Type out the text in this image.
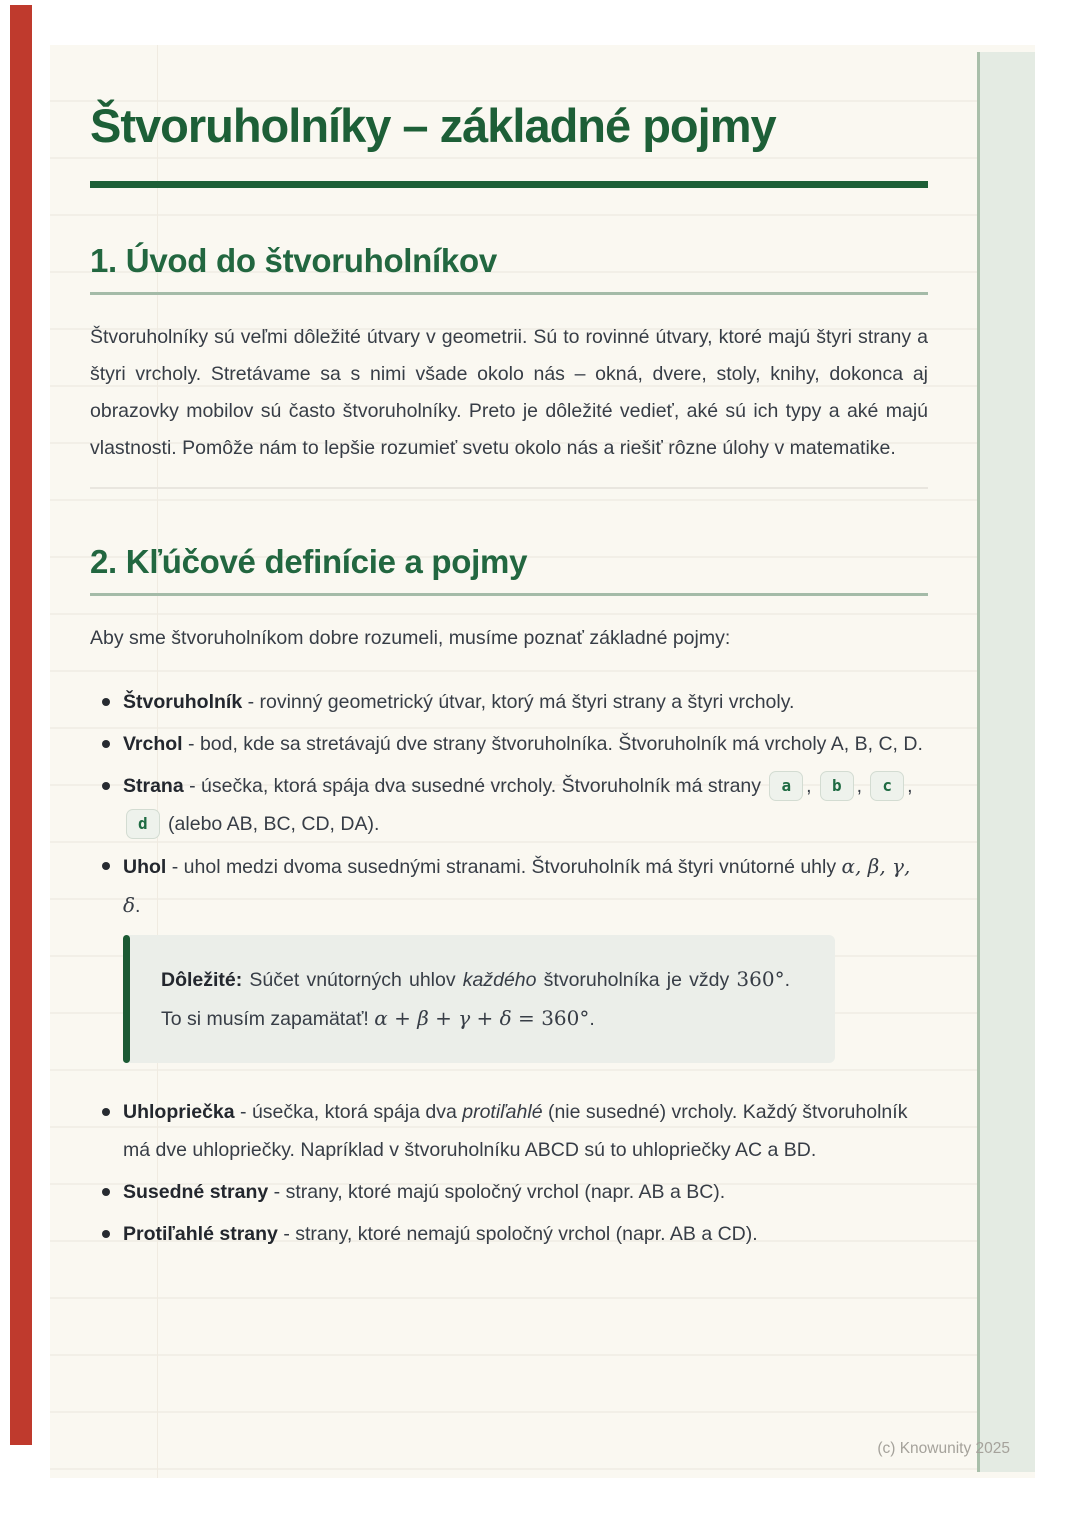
Štvoruholníky – základné pojmy
1. Úvod do štvoruholníkov

Štvoruholníky sú veľmi dôležité útvary v geometrii. Sú to rovinné útvary, ktoré majú štyri strany a štyri vrcholy. Stretávame sa s nimi všade okolo nás – okná, dvere, stoly, knihy, dokonca aj obrazovky mobilov sú často štvoruholníky. Preto je dôležité vedieť, aké sú ich typy a aké majú vlastnosti. Pomôže nám to lepšie rozumieť svetu okolo nás a riešiť rôzne úlohy v matematike.

2. Kľúčové definície a pojmy

Aby sme štvoruholníkom dobre rozumeli, musíme poznať základné pojmy:

Štvoruholník - rovinný geometrický útvar, ktorý má štyri strany a štyri vrcholy.
Vrchol - bod, kde sa stretávajú dve strany štvoruholníka. Štvoruholník má vrcholy A, B, C, D.
Strana - úsečka, ktorá spája dva susedné vrcholy. Štvoruholník má strany a , b , c , d (alebo AB, BC, CD, DA).
Uhol - uhol medzi dvoma susednými stranami. Štvoruholník má štyri vnútorné uhly α, β, γ, δ.
Dôležité: Súčet vnútorných uhlov každého štvoruholníka je vždy 360°. To si musím zapamätať! α + β + γ + δ = 360°.
Uhlopriečka - úsečka, ktorá spája dva protiľahlé (nie susedné) vrcholy. Každý štvoruholník má dve uhlopriečky. Napríklad v štvoruholníku ABCD sú to uhlopriečky AC a BD.
Susedné strany - strany, ktoré majú spoločný vrchol (napr. AB a BC).
Protiľahlé strany - strany, ktoré nemajú spoločný vrchol (napr. AB a CD).
(c) Knowunity 2025
